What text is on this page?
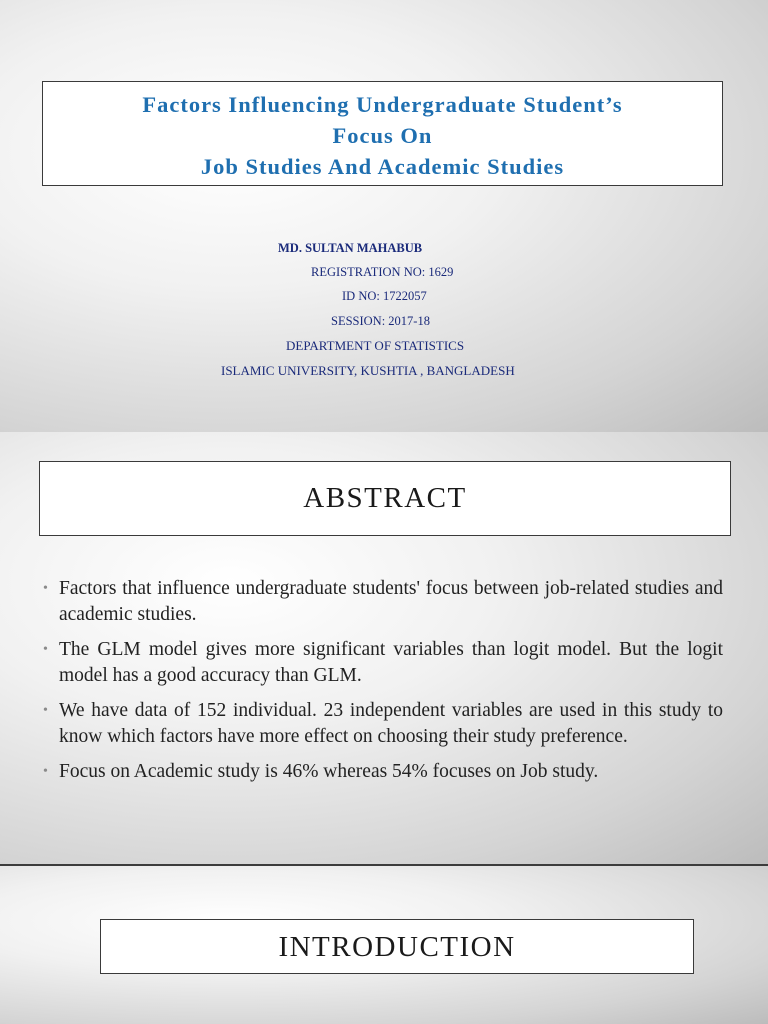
Factors Influencing Undergraduate Student’s
Focus On
Job Studies And Academic Studies
MD. SULTAN MAHABUB
REGISTRATION NO: 1629
ID NO: 1722057
SESSION: 2017-18
DEPARTMENT OF STATISTICS
ISLAMIC UNIVERSITY, KUSHTIA , BANGLADESH
ABSTRACT
• Factors that influence undergraduate students' focus between job-related studies and academic studies.
• The GLM model gives more significant variables than logit model. But the logit model has a good accuracy than GLM.
• We have data of 152 individual. 23 independent variables are used in this study to know which factors have more effect on choosing their study preference.
• Focus on Academic study is 46% whereas 54% focuses on Job study.
INTRODUCTION
